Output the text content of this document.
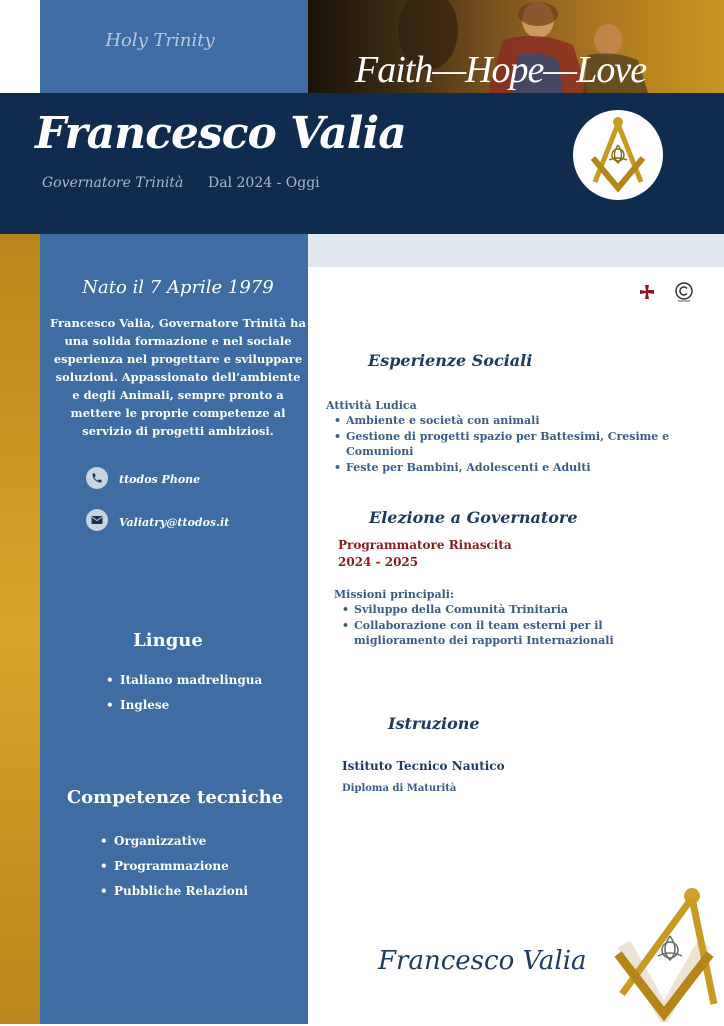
Holy Trinity
Faith—Hope—Love
Francesco Valia
Governatore Trinità Dal 2024 - Oggi
Nato il 7 Aprile 1979
Francesco Valia, Governatore Trinità ha una solida formazione e nel sociale esperienza nel progettare e sviluppare soluzioni. Appassionato dell’ambiente e degli Animali, sempre pronto a mettere le proprie competenze al servizio di progetti ambiziosi.
ttodos Phone
Valiatry@ttodos.it
Lingue
• Italiano madrelingua
• Inglese
Competenze tecniche
• Organizzative
• Programmazione
• Pubbliche Relazioni
Esperienze Sociali
Attività Ludica
• Ambiente e società con animali
• Gestione di progetti spazio per Battesimi, Cresime e Comunioni
• Feste per Bambini, Adolescenti e Adulti
Elezione a Governatore
Programmatore Rinascita
2024 - 2025
Missioni principali:
• Sviluppo della Comunità Trinitaria
• Collaborazione con il team esterni per il miglioramento dei rapporti Internazionali
Istruzione
Istituto Tecnico Nautico
Diploma di Maturità
Francesco Valia
